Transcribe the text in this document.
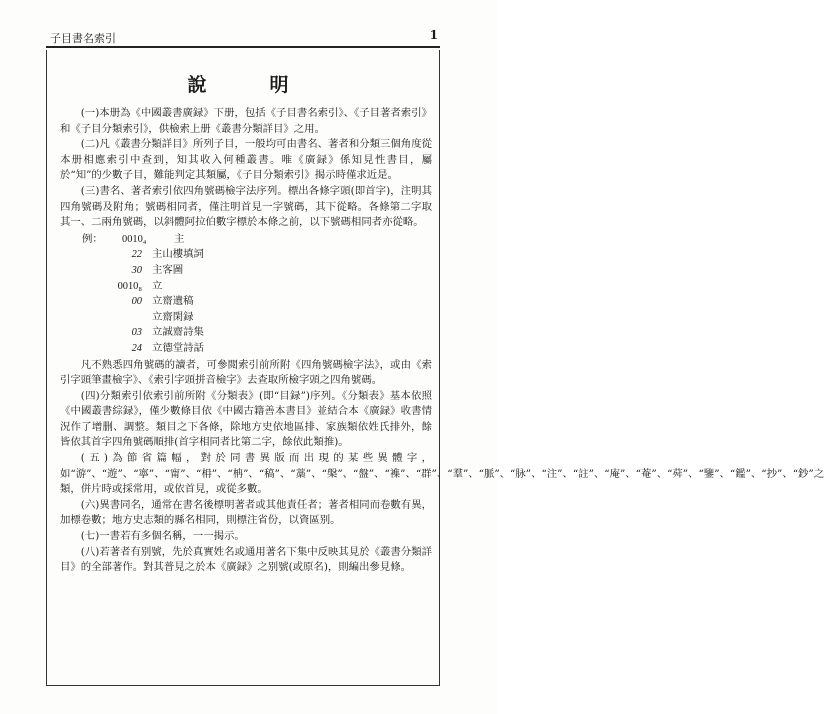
子目書名索引	1
說　明

(一)本册為《中國叢書廣録》下册，包括《子目書名索引》、《子目著者索引》和《子目分類索引》，供檢索上册《叢書分類詳目》之用。

(二)凡《叢書分類詳目》所列子目，一般均可由書名、著者和分類三個角度從本册相應索引中查到，知其收入何種叢書。唯《廣録》係知見性書目，屬於“知”的少數子目，難能判定其類屬，《子目分類索引》揭示時僅求近是。

(三)書名、著者索引依四角號碼檢字法序列。標出各條字頭(即首字)，注明其四角號碼及附角；號碼相同者，僅注明首見一字號碼，其下從略。各條第二字取其一、二兩角號碼，以斜體阿拉伯數字標於本條之前，以下號碼相同者亦從略。

例：	0010₄	主
22 主山樓填詞
30 主客圖
0010₈ 立
00 立齋遺稿
立齋閑録
03 立誠齋詩集
24 立德堂詩話

凡不熟悉四角號碼的讀者，可參閲索引前所附《四角號碼檢字法》，或由《索引字頭筆畫檢字》、《索引字頭拼音檢字》去查取所檢字頭之四角號碼。

(四)分類索引依索引前所附《分類表》(即“目録”)序列。《分類表》基本依照《中國叢書綜録》，僅少數條目依《中國古籍善本書目》並結合本《廣録》收書情況作了增删、調整。類目之下各條，除地方史依地區排、家族類依姓氏排外，餘皆依其首字四角號碼順排(首字相同者比第二字，餘依此類推)。

(五)為節省篇幅，對於同書異版而出現的某些異體字，如“游”、“遊”、“寧”、“甯”、“枏”、“柟”、“稿”、“藁”、“槃”、“盤”、“襍”、“群”、“羣”、“脈”、“脉”、“注”、“註”、“庵”、“菴”、“荈”、“鑒”、“鑑”、“抄”、“鈔”之類，併片時或採常用，或依首見，或從多數。

(六)異書同名，通常在書名後標明著者或其他責任者；著者相同而卷數有異，加標卷數；地方史志類的縣名相同，則標注省份，以資區别。

(七)一書若有多個名稱，一一揭示。

(八)若著者有别號，先於真實姓名或通用著名下集中反映其見於《叢書分類詳目》的全部著作。對其普見之於本《廣録》之别號(或原名)，則編出參見條。
